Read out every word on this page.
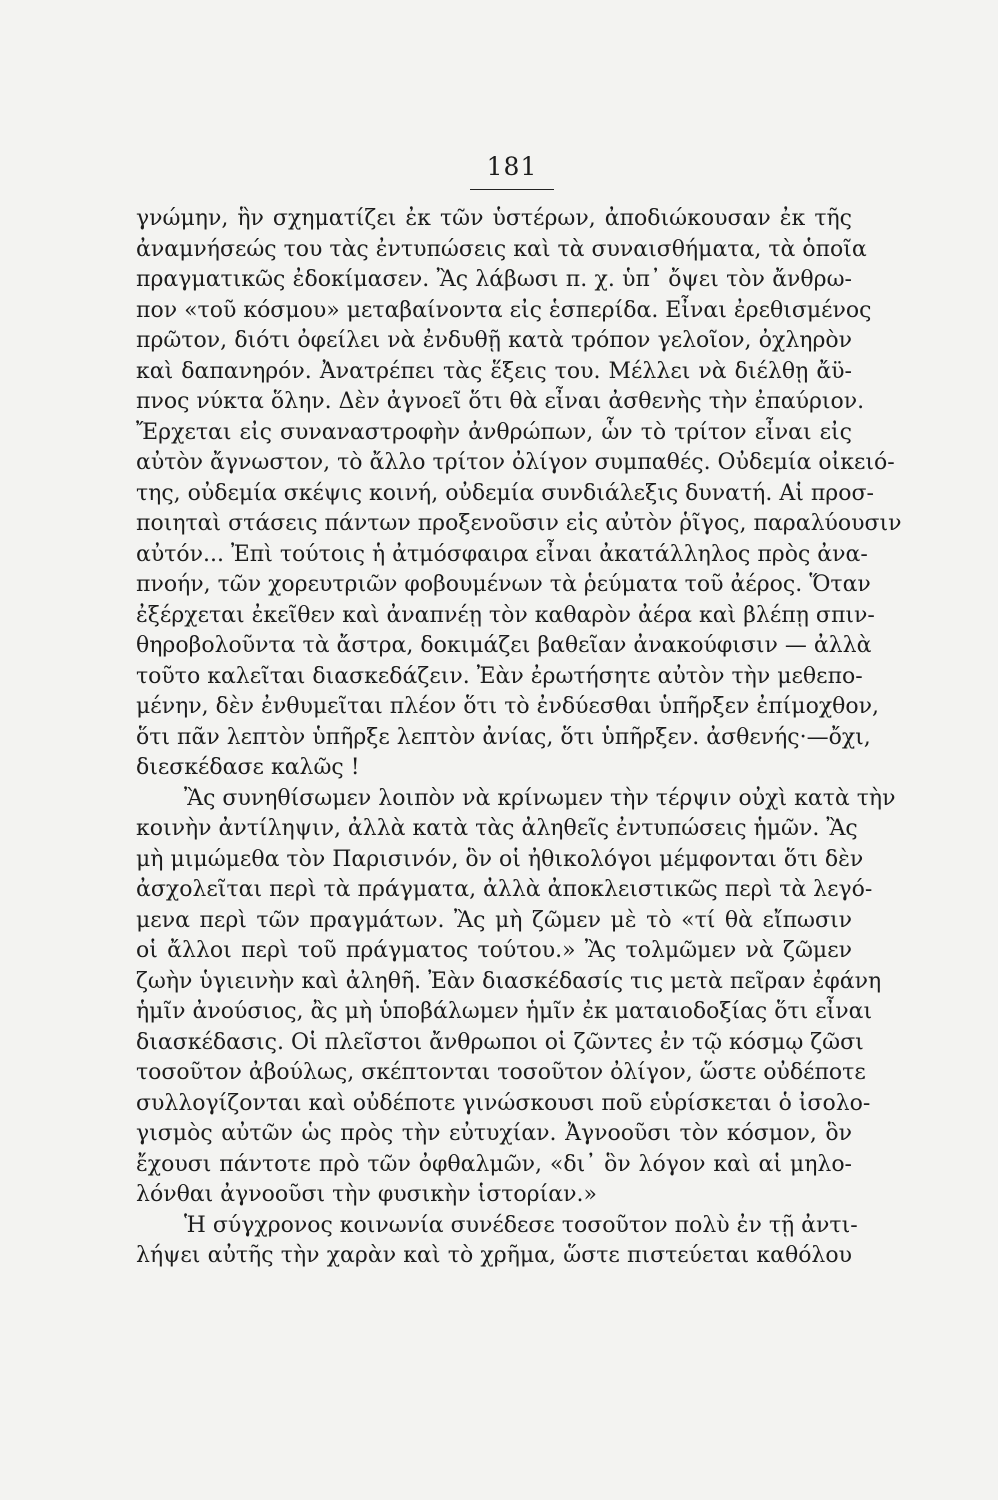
181
γνώμην, ἣν σχηματίζει ἐκ τῶν ὑστέρων, ἀποδιώκουσαν ἐκ τῆς
ἀναμνήσεώς του τὰς ἐντυπώσεις καὶ τὰ συναισθήματα, τὰ ὁποῖα
πραγματικῶς ἐδοκίμασεν. Ἂς λάβωσι π. χ. ὑπ᾽ ὄψει τὸν ἄνθρω-
πον «τοῦ κόσμου» μεταβαίνοντα εἰς ἑσπερίδα. Εἶναι ἐρεθισμένος
πρῶτον, διότι ὀφείλει νὰ ἐνδυθῇ κατὰ τρόπον γελοῖον, ὀχληρὸν
καὶ δαπανηρόν. Ἀνατρέπει τὰς ἕξεις του. Μέλλει νὰ διέλθῃ ἄϋ-
πνος νύκτα ὅλην. Δὲν ἀγνοεῖ ὅτι θὰ εἶναι ἀσθενὴς τὴν ἐπαύριον.
Ἔρχεται εἰς συναναστροφὴν ἀνθρώπων, ὧν τὸ τρίτον εἶναι εἰς
αὐτὸν ἄγνωστον, τὸ ἄλλο τρίτον ὀλίγον συμπαθές. Οὐδεμία οἰκειό-
της, οὐδεμία σκέψις κοινή, οὐδεμία συνδιάλεξις δυνατή. Αἱ προσ-
ποιηταὶ στάσεις πάντων προξενοῦσιν εἰς αὐτὸν ῥῖγος, παραλύουσιν
αὐτόν... Ἐπὶ τούτοις ἡ ἀτμόσφαιρα εἶναι ἀκατάλληλος πρὸς ἀνα-
πνοήν, τῶν χορευτριῶν φοβουμένων τὰ ῥεύματα τοῦ ἀέρος. Ὅταν
ἐξέρχεται ἐκεῖθεν καὶ ἀναπνέῃ τὸν καθαρὸν ἀέρα καὶ βλέπῃ σπιν-
θηροβολοῦντα τὰ ἄστρα, δοκιμάζει βαθεῖαν ἀνακούφισιν — ἀλλὰ
τοῦτο καλεῖται διασκεδάζειν. Ἐὰν ἐρωτήσητε αὐτὸν τὴν μεθεπο-
μένην, δὲν ἐνθυμεῖται πλέον ὅτι τὸ ἐνδύεσθαι ὑπῆρξεν ἐπίμοχθον,
ὅτι πᾶν λεπτὸν ὑπῆρξε λεπτὸν ἀνίας, ὅτι ὑπῆρξεν. ἀσθενής·—ὄχι,
διεσκέδασε καλῶς !
Ἂς συνηθίσωμεν λοιπὸν νὰ κρίνωμεν τὴν τέρψιν οὐχὶ κατὰ τὴν
κοινὴν ἀντίληψιν, ἀλλὰ κατὰ τὰς ἀληθεῖς ἐντυπώσεις ἡμῶν. Ἂς
μὴ μιμώμεθα τὸν Παρισινόν, ὃν οἱ ἠθικολόγοι μέμφονται ὅτι δὲν
ἀσχολεῖται περὶ τὰ πράγματα, ἀλλὰ ἀποκλειστικῶς περὶ τὰ λεγό-
μενα περὶ τῶν πραγμάτων. Ἂς μὴ ζῶμεν μὲ τὸ «τί θὰ εἴπωσιν
οἱ ἄλλοι περὶ τοῦ πράγματος τούτου.» Ἂς τολμῶμεν νὰ ζῶμεν
ζωὴν ὑγιεινὴν καὶ ἀληθῆ. Ἐὰν διασκέδασίς τις μετὰ πεῖραν ἐφάνη
ἡμῖν ἀνούσιος, ἂς μὴ ὑποβάλωμεν ἡμῖν ἐκ ματαιοδοξίας ὅτι εἶναι
διασκέδασις. Οἱ πλεῖστοι ἄνθρωποι οἱ ζῶντες ἐν τῷ κόσμῳ ζῶσι
τοσοῦτον ἀβούλως, σκέπτονται τοσοῦτον ὀλίγον, ὥστε οὐδέποτε
συλλογίζονται καὶ οὐδέποτε γινώσκουσι ποῦ εὑρίσκεται ὁ ἰσολο-
γισμὸς αὐτῶν ὡς πρὸς τὴν εὐτυχίαν. Ἀγνοοῦσι τὸν κόσμον, ὃν
ἔχουσι πάντοτε πρὸ τῶν ὀφθαλμῶν, «δι᾽ ὃν λόγον καὶ αἱ μηλο-
λόνθαι ἀγνοοῦσι τὴν φυσικὴν ἱστορίαν.»
Ἡ σύγχρονος κοινωνία συνέδεσε τοσοῦτον πολὺ ἐν τῇ ἀντι-
λήψει αὐτῆς τὴν χαρὰν καὶ τὸ χρῆμα, ὥστε πιστεύεται καθόλου
